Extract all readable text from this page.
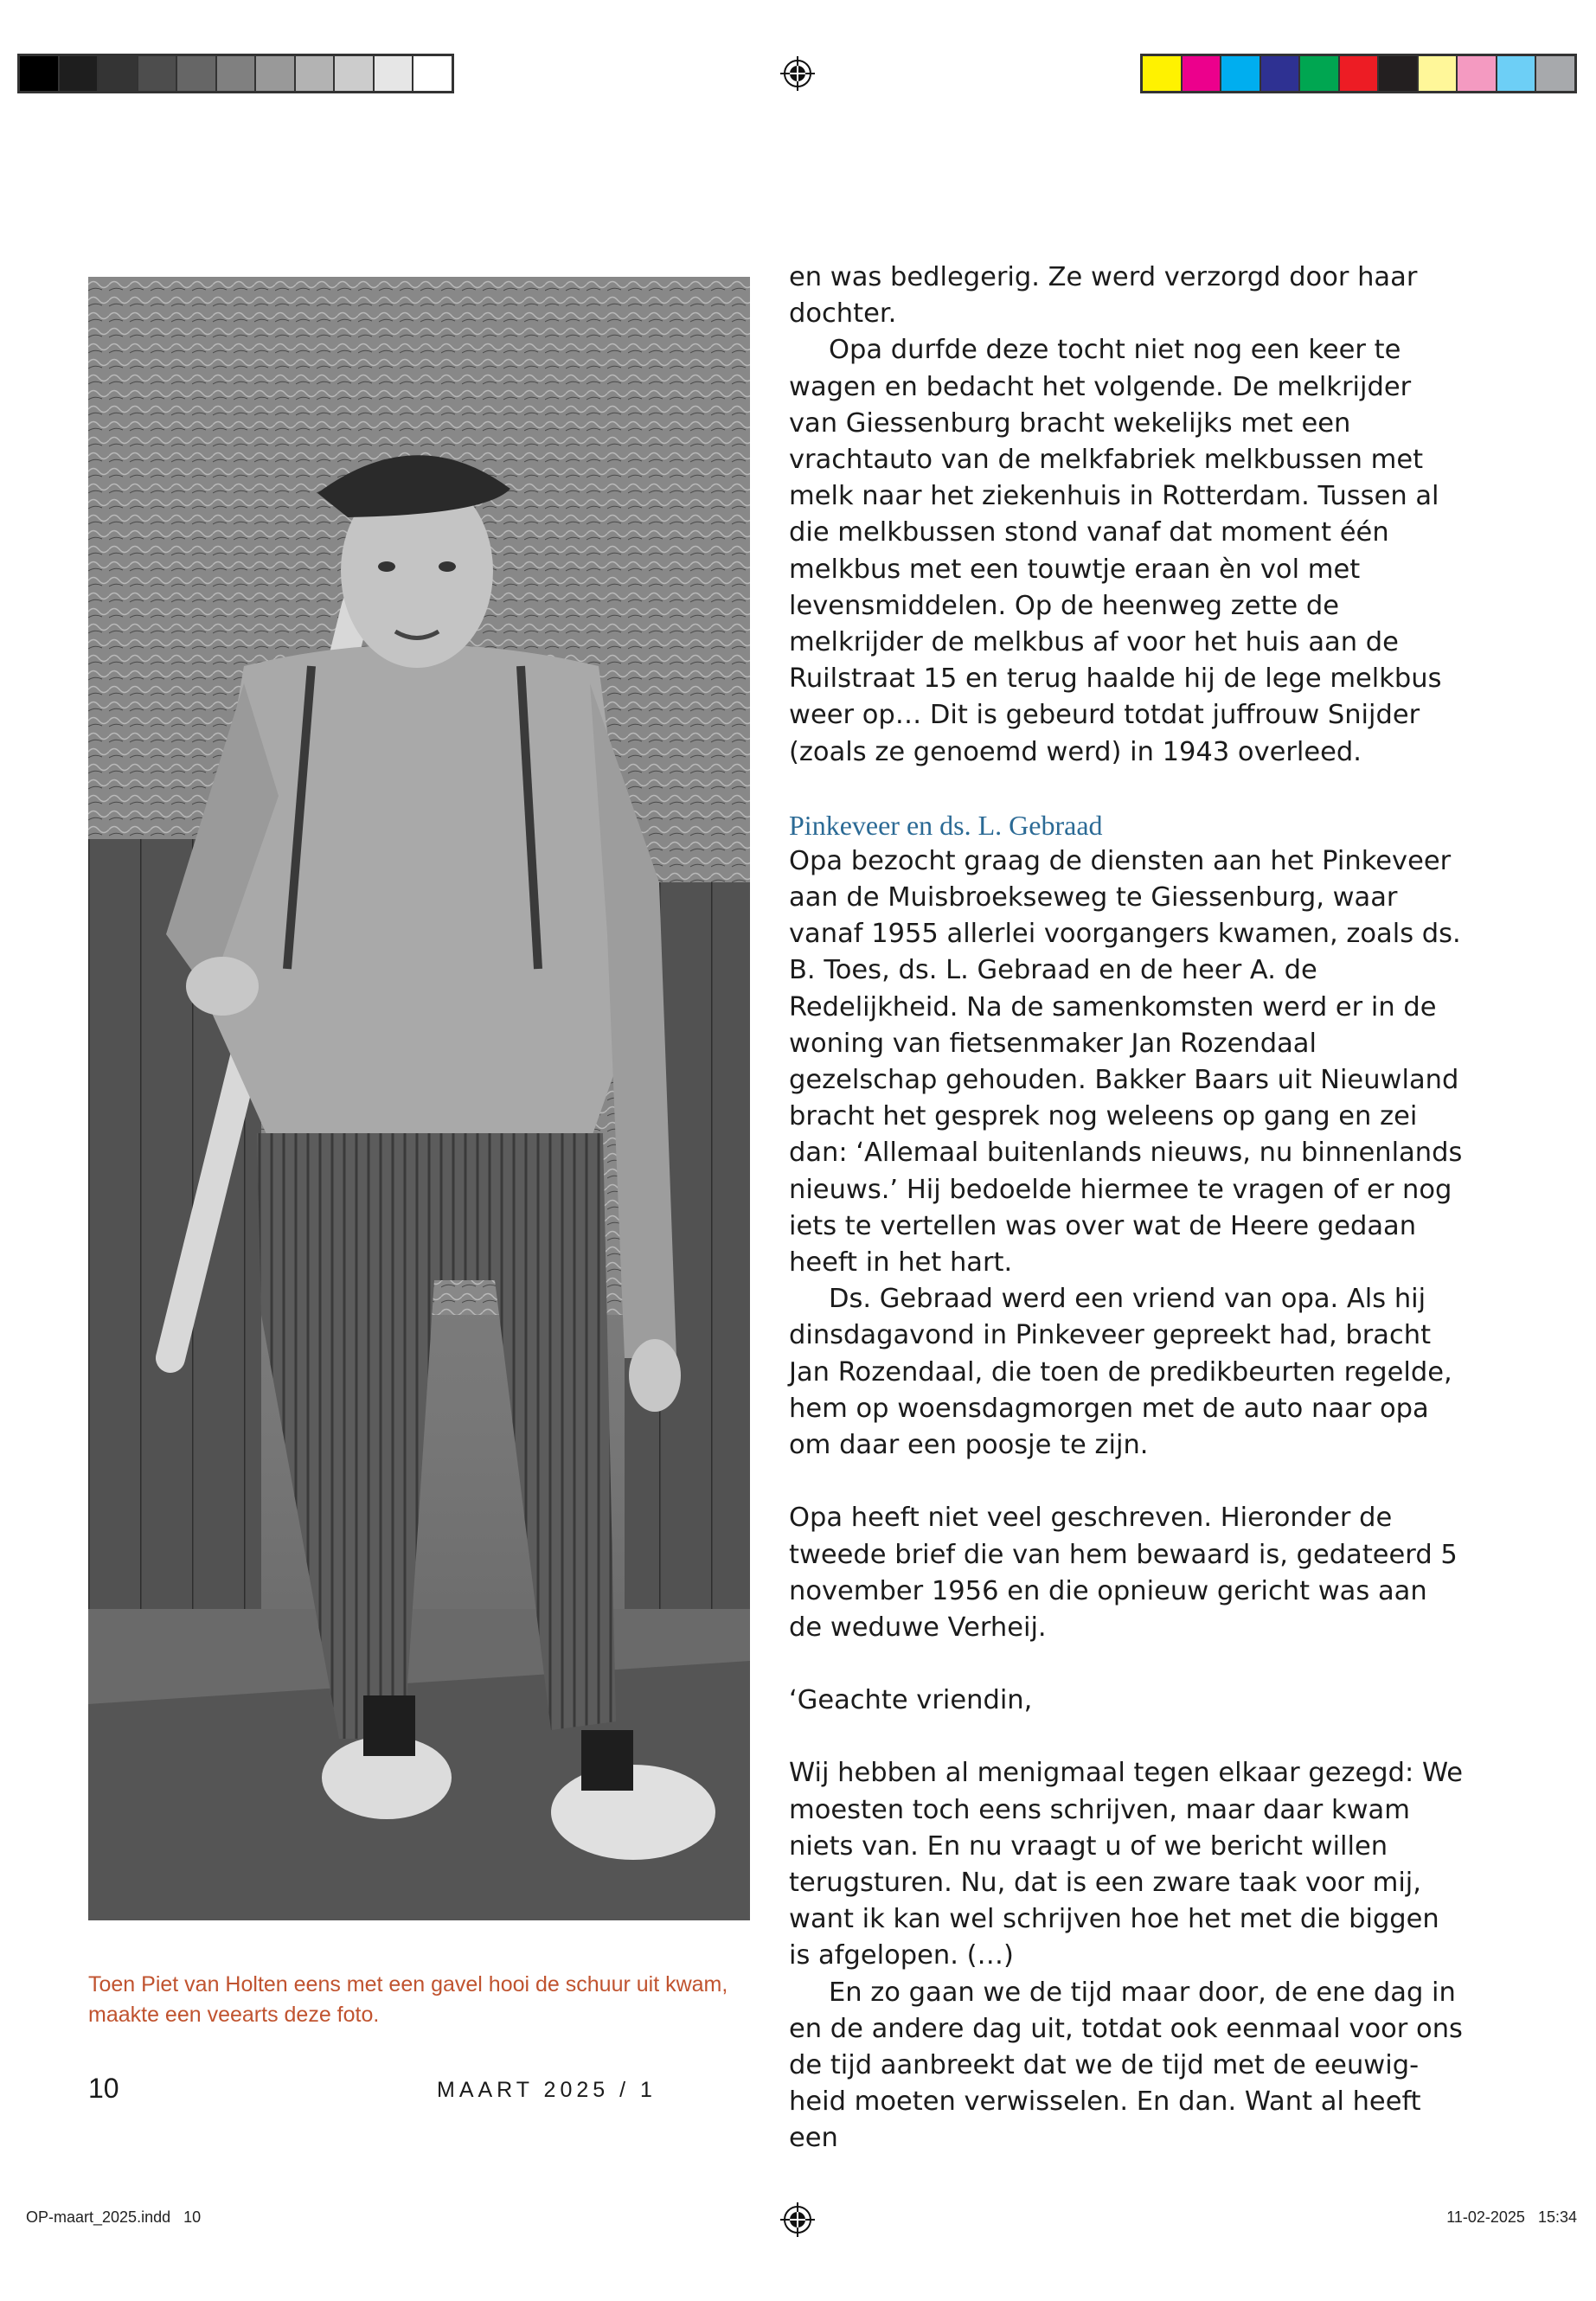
Toen Piet van Holten eens met een gavel hooi de schuur uit kwam, maakte een veearts deze foto.

en was bedlegerig. Ze werd verzorgd door haar dochter.

Opa durfde deze tocht niet nog een keer te wagen en bedacht het volgende. De melkrijder van Giessenburg bracht wekelijks met een vrachtauto van de melkfabriek melkbussen met melk naar het ziekenhuis in Rotterdam. Tussen al die melkbussen stond vanaf dat moment één melkbus met een touwtje eraan èn vol met levensmiddelen. Op de heenweg zette de melkrijder de melkbus af voor het huis aan de Ruilstraat 15 en terug haalde hij de lege melkbus weer op… Dit is gebeurd totdat juffrouw Snijder (zoals ze genoemd werd) in 1943 overleed.

Pinkeveer en ds. L. Gebraad

Opa bezocht graag de diensten aan het Pinkeveer aan de Muisbroekseweg te Giessenburg, waar vanaf 1955 allerlei voorgangers kwamen, zoals ds. B. Toes, ds. L. Gebraad en de heer A. de Redelijkheid. Na de samenkomsten werd er in de woning van fietsenmaker Jan Rozendaal gezelschap gehouden. Bakker Baars uit Nieuwland bracht het gesprek nog weleens op gang en zei dan: ‘Allemaal buitenlands nieuws, nu binnenlands nieuws.’ Hij bedoelde hiermee te vragen of er nog iets te vertellen was over wat de Heere gedaan heeft in het hart.

Ds. Gebraad werd een vriend van opa. Als hij dinsdagavond in Pinkeveer gepreekt had, bracht Jan Rozendaal, die toen de predikbeurten regelde, hem op woensdagmorgen met de auto naar opa om daar een poosje te zijn.

Opa heeft niet veel geschreven. Hieronder de tweede brief die van hem bewaard is, gedateerd 5 november 1956 en die opnieuw gericht was aan de weduwe Verheij.

‘Geachte vriendin,

Wij hebben al menigmaal tegen elkaar gezegd: We moesten toch eens schrijven, maar daar kwam niets van. En nu vraagt u of we bericht willen terugsturen. Nu, dat is een zware taak voor mij, want ik kan wel schrijven hoe het met die biggen is afgelopen. (…)

En zo gaan we de tijd maar door, de ene dag in en de andere dag uit, totdat ook eenmaal voor ons de tijd aanbreekt dat we de tijd met de eeuwigheid moeten verwisselen. En dan. Want al heeft een

10	MAART 2025 / 1
OP-maart_2025.indd   10	11-02-2025   15:34
